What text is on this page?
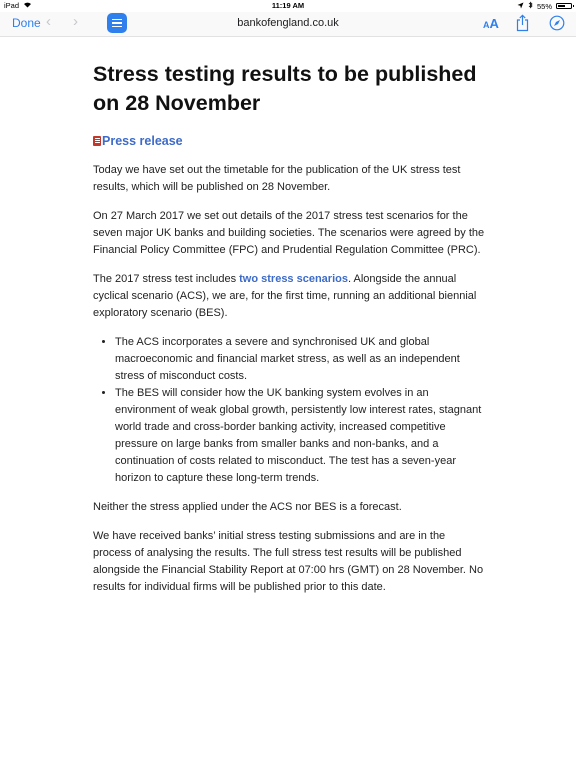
iPad	11:19 AM	55%
Done ‹ ›	bankofengland.co.uk	AA
Stress testing results to be published on 28 November
Press release

Today we have set out the timetable for the publication of the UK stress test results, which will be published on 28 November.

On 27 March 2017 we set out details of the 2017 stress test scenarios for the seven major UK banks and building societies. The scenarios were agreed by the Financial Policy Committee (FPC) and Prudential Regulation Committee (PRC).

The 2017 stress test includes two stress scenarios. Alongside the annual cyclical scenario (ACS), we are, for the first time, running an additional biennial exploratory scenario (BES).

• The ACS incorporates a severe and synchronised UK and global macroeconomic and financial market stress, as well as an independent stress of misconduct costs.
• The BES will consider how the UK banking system evolves in an environment of weak global growth, persistently low interest rates, stagnant world trade and cross-border banking activity, increased competitive pressure on large banks from smaller banks and non-banks, and a continuation of costs related to misconduct. The test has a seven-year horizon to capture these long-term trends.

Neither the stress applied under the ACS nor BES is a forecast.

We have received banks’ initial stress testing submissions and are in the process of analysing the results. The full stress test results will be published alongside the Financial Stability Report at 07:00 hrs (GMT) on 28 November. No results for individual firms will be published prior to this date.
